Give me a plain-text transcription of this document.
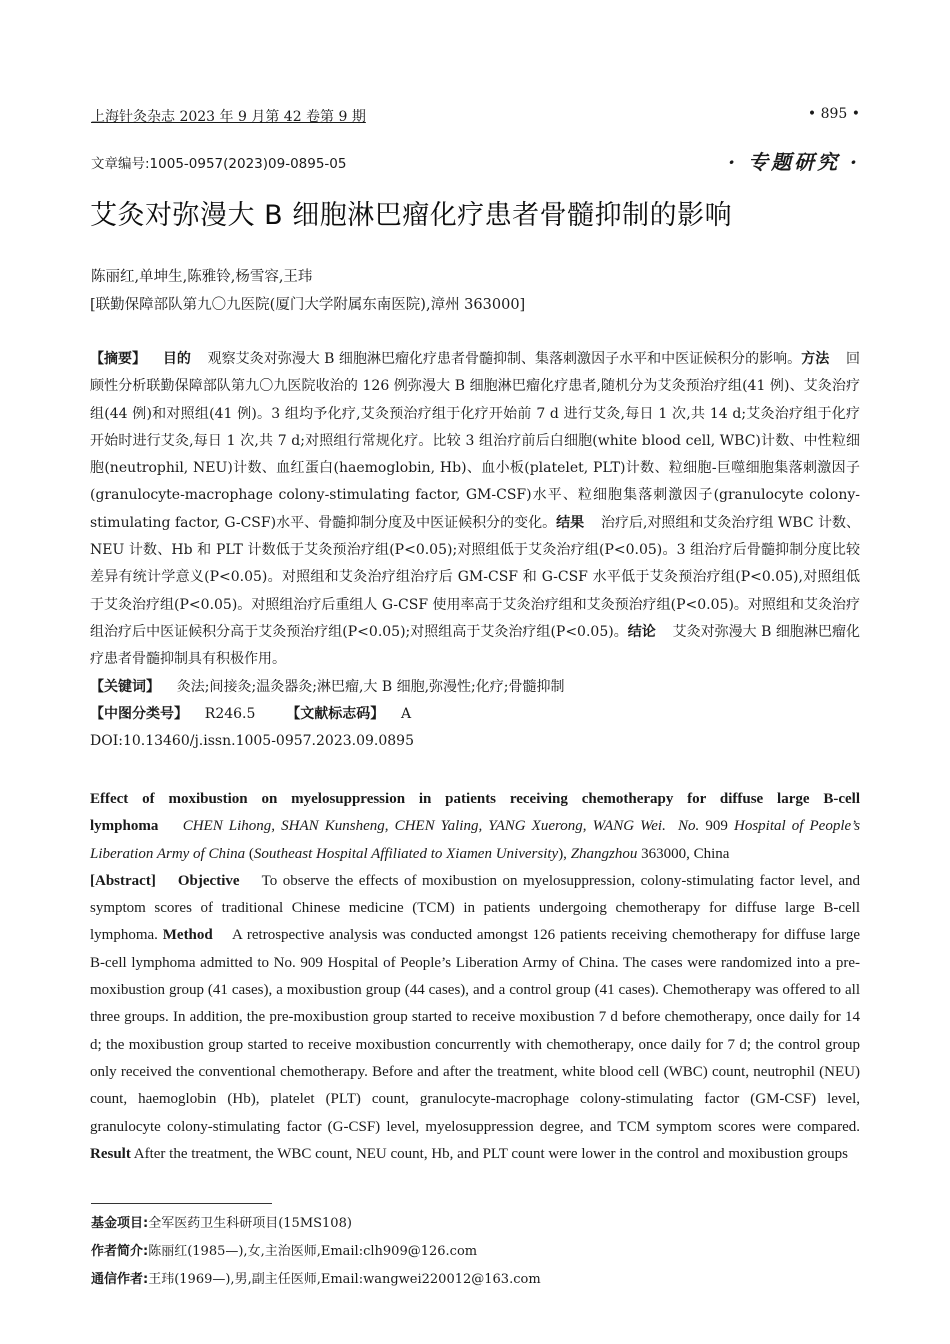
上海针灸杂志 2023 年 9 月第 42 卷第 9 期	• 895 •
文章编号:1005-0957(2023)09-0895-05	· 专题研究 ·
艾灸对弥漫大 B 细胞淋巴瘤化疗患者骨髓抑制的影响
陈丽红,单坤生,陈雅铃,杨雪容,王玮
[联勤保障部队第九〇九医院(厦门大学附属东南医院),漳州 363000]

【摘要】 目的 观察艾灸对弥漫大 B 细胞淋巴瘤化疗患者骨髓抑制、集落刺激因子水平和中医证候积分的影响。方法 回顾性分析联勤保障部队第九〇九医院收治的 126 例弥漫大 B 细胞淋巴瘤化疗患者,随机分为艾灸预治疗组(41 例)、艾灸治疗组(44 例)和对照组(41 例)。3 组均予化疗,艾灸预治疗组于化疗开始前 7 d 进行艾灸,每日 1 次,共 14 d;艾灸治疗组于化疗开始时进行艾灸,每日 1 次,共 7 d;对照组行常规化疗。比较 3 组治疗前后白细胞(white blood cell, WBC)计数、中性粒细胞(neutrophil, NEU)计数、血红蛋白(haemoglobin, Hb)、血小板(platelet, PLT)计数、粒细胞-巨噬细胞集落刺激因子(granulocyte-macrophage colony-stimulating factor, GM-CSF)水平、粒细胞集落刺激因子(granulocyte colony-stimulating factor, G-CSF)水平、骨髓抑制分度及中医证候积分的变化。结果 治疗后,对照组和艾灸治疗组 WBC 计数、NEU 计数、Hb 和 PLT 计数低于艾灸预治疗组(P<0.05);对照组低于艾灸治疗组(P<0.05)。3 组治疗后骨髓抑制分度比较差异有统计学意义(P<0.05)。对照组和艾灸治疗组治疗后 GM-CSF 和 G-CSF 水平低于艾灸预治疗组(P<0.05),对照组低于艾灸治疗组(P<0.05)。对照组治疗后重组人 G-CSF 使用率高于艾灸治疗组和艾灸预治疗组(P<0.05)。对照组和艾灸治疗组治疗后中医证候积分高于艾灸预治疗组(P<0.05);对照组高于艾灸治疗组(P<0.05)。结论 艾灸对弥漫大 B 细胞淋巴瘤化疗患者骨髓抑制具有积极作用。

【关键词】 灸法;间接灸;温灸器灸;淋巴瘤,大 B 细胞,弥漫性;化疗;骨髓抑制

【中图分类号】 R246.5 【文献标志码】 A

DOI:10.13460/j.issn.1005-0957.2023.09.0895

Effect of moxibustion on myelosuppression in patients receiving chemotherapy for diffuse large B-cell lymphoma CHEN Lihong, SHAN Kunsheng, CHEN Yaling, YANG Xuerong, WANG Wei. No. 909 Hospital of People’s Liberation Army of China (Southeast Hospital Affiliated to Xiamen University), Zhangzhou 363000, China

[Abstract] Objective To observe the effects of moxibustion on myelosuppression, colony-stimulating factor level, and symptom scores of traditional Chinese medicine (TCM) in patients undergoing chemotherapy for diffuse large B-cell lymphoma. Method A retrospective analysis was conducted amongst 126 patients receiving chemotherapy for diffuse large B-cell lymphoma admitted to No. 909 Hospital of People’s Liberation Army of China. The cases were randomized into a pre-moxibustion group (41 cases), a moxibustion group (44 cases), and a control group (41 cases). Chemotherapy was offered to all three groups. In addition, the pre-moxibustion group started to receive moxibustion 7 d before chemotherapy, once daily for 14 d; the moxibustion group started to receive moxibustion concurrently with chemotherapy, once daily for 7 d; the control group only received the conventional chemotherapy. Before and after the treatment, white blood cell (WBC) count, neutrophil (NEU) count, haemoglobin (Hb), platelet (PLT) count, granulocyte-macrophage colony-stimulating factor (GM-CSF) level, granulocyte colony-stimulating factor (G-CSF) level, myelosuppression degree, and TCM symptom scores were compared. Result After the treatment, the WBC count, NEU count, Hb, and PLT count were lower in the control and moxibustion groups

基金项目:全军医药卫生科研项目(15MS108)
作者简介:陈丽红(1985—),女,主治医师,Email:clh909@126.com
通信作者:王玮(1969—),男,副主任医师,Email:wangwei220012@163.com
